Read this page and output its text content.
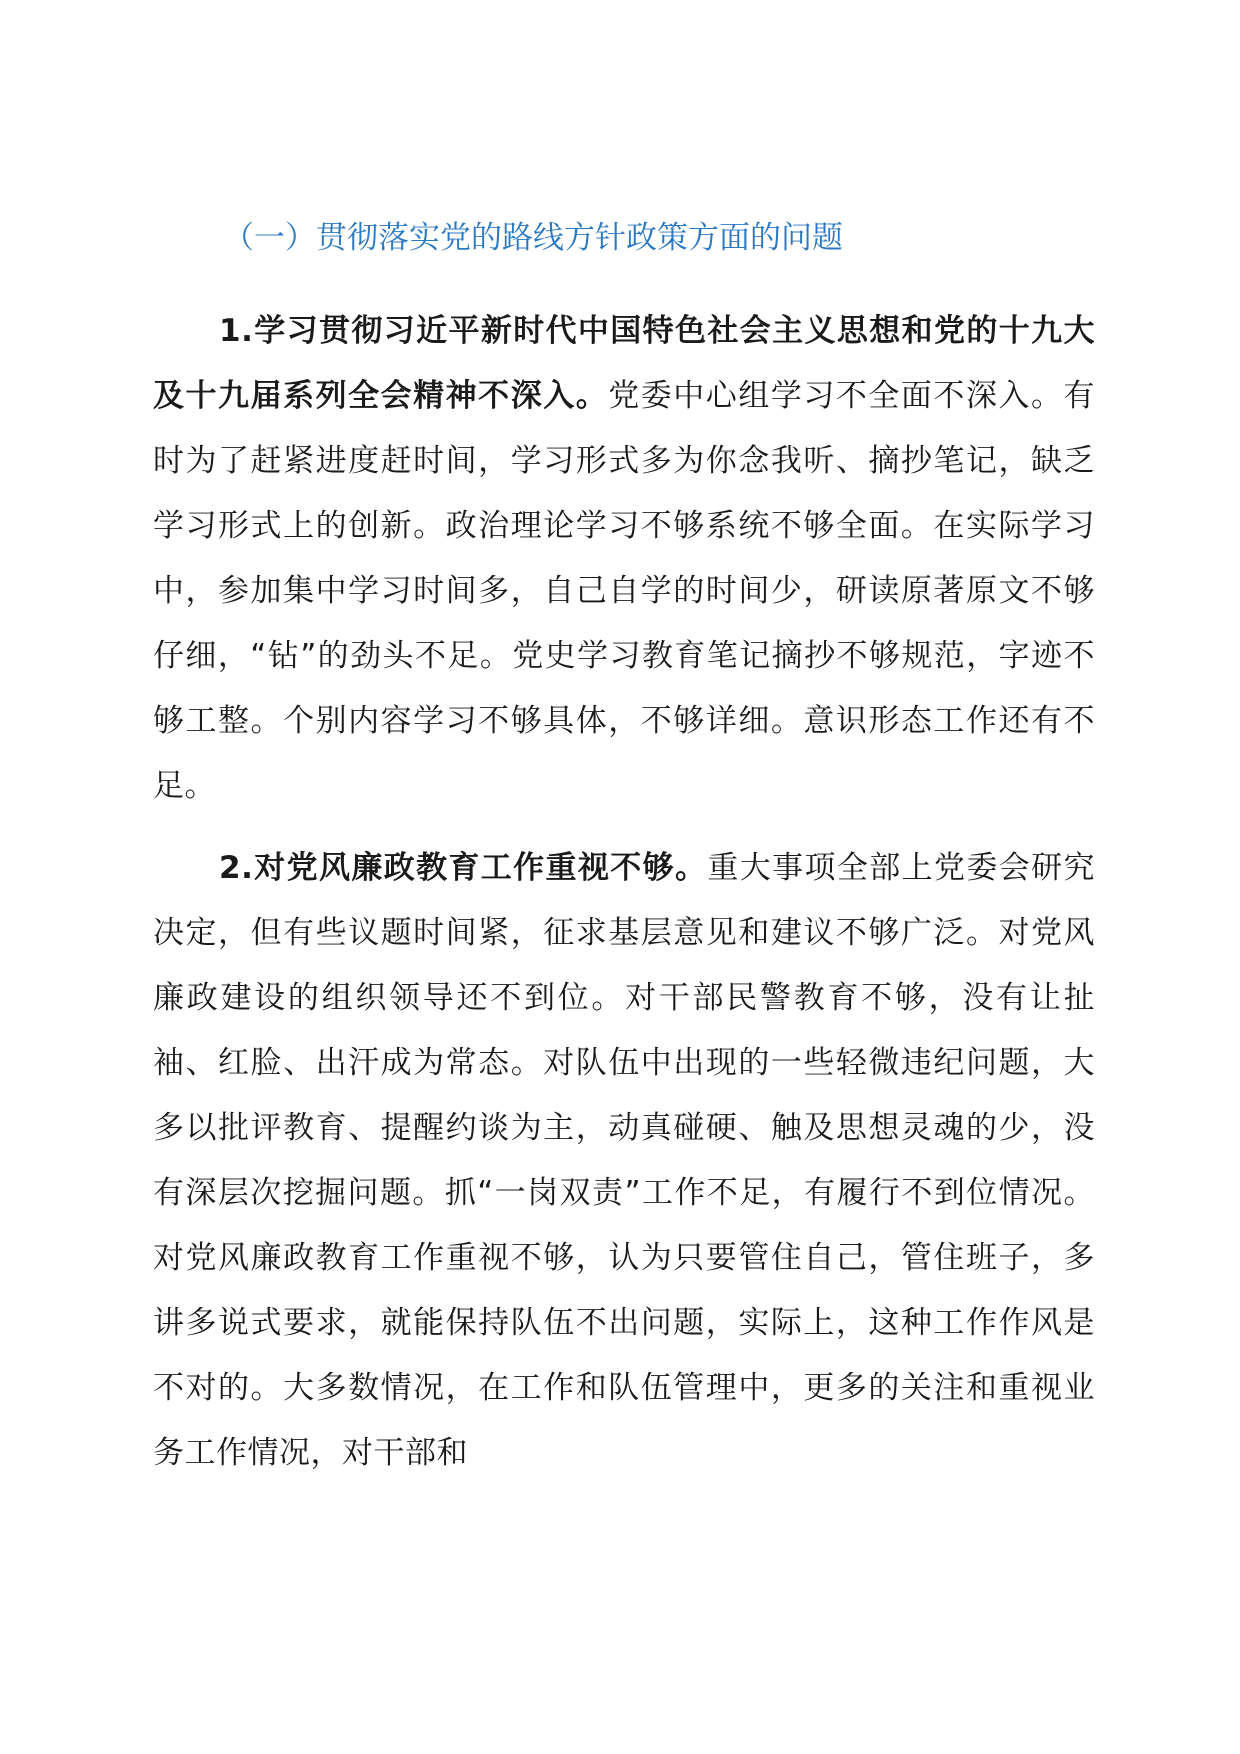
（一）贯彻落实党的路线方针政策方面的问题

1.学习贯彻习近平新时代中国特色社会主义思想和党的十九大及十九届系列全会精神不深入。党委中心组学习不全面不深入。有时为了赶紧进度赶时间，学习形式多为你念我听、摘抄笔记，缺乏学习形式上的创新。政治理论学习不够系统不够全面。在实际学习中，参加集中学习时间多，自己自学的时间少，研读原著原文不够仔细，“钻”的劲头不足。党史学习教育笔记摘抄不够规范，字迹不够工整。个别内容学习不够具体，不够详细。意识形态工作还有不足。

2.对党风廉政教育工作重视不够。重大事项全部上党委会研究决定，但有些议题时间紧，征求基层意见和建议不够广泛。对党风廉政建设的组织领导还不到位。对干部民警教育不够，没有让扯袖、红脸、出汗成为常态。对队伍中出现的一些轻微违纪问题，大多以批评教育、提醒约谈为主，动真碰硬、触及思想灵魂的少，没有深层次挖掘问题。抓“一岗双责”工作不足，有履行不到位情况。对党风廉政教育工作重视不够，认为只要管住自己，管住班子，多讲多说式要求，就能保持队伍不出问题，实际上，这种工作作风是不对的。大多数情况，在工作和队伍管理中，更多的关注和重视业务工作情况，对干部和
